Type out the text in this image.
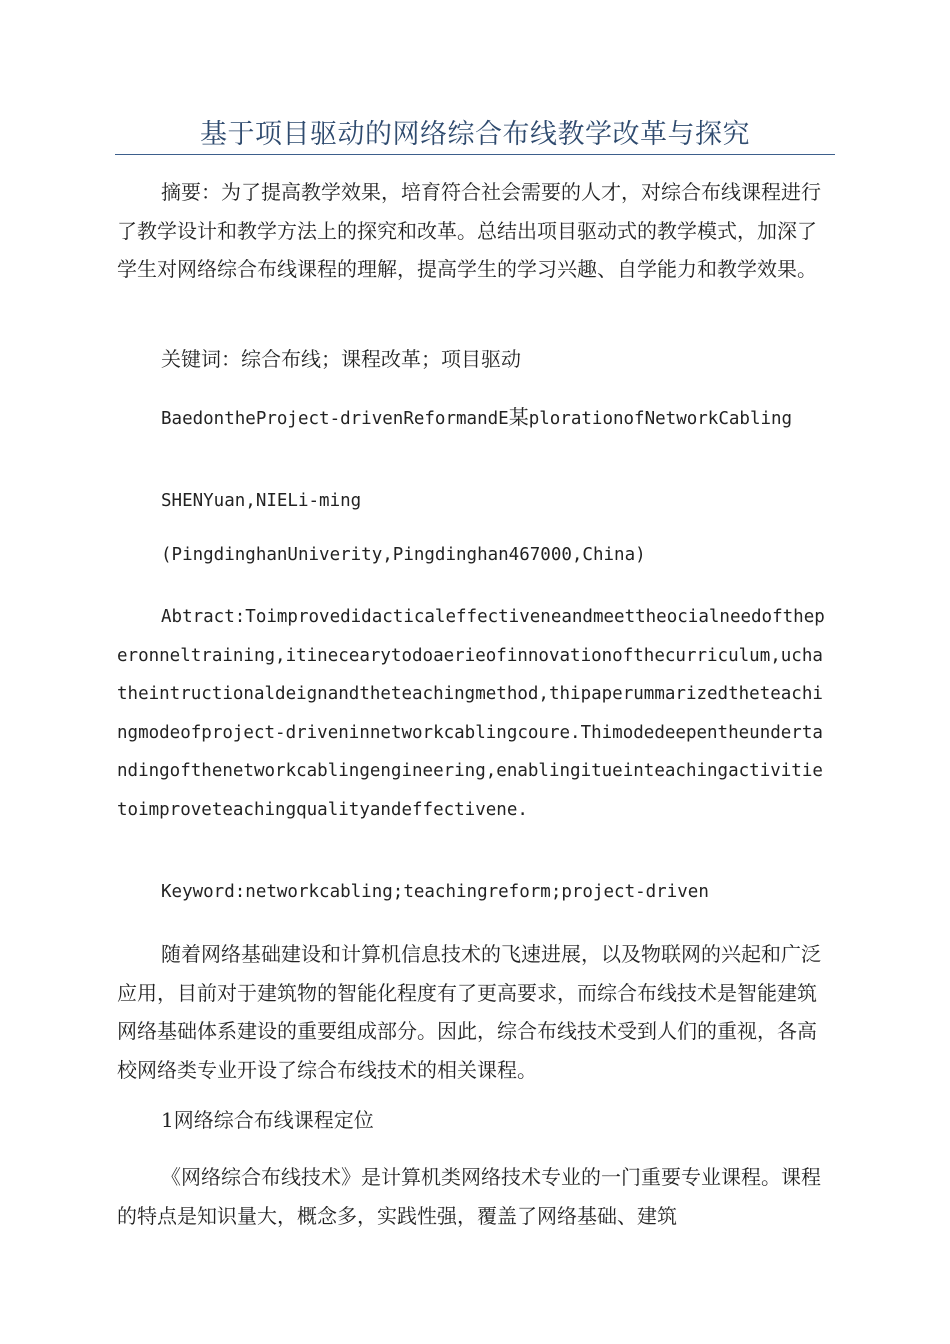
基于项目驱动的网络综合布线教学改革与探究

摘要：为了提高教学效果，培育符合社会需要的人才，对综合布线课程进行了教学设计和教学方法上的探究和改革。总结出项目驱动式的教学模式，加深了学生对网络综合布线课程的理解，提高学生的学习兴趣、自学能力和教学效果。

关键词：综合布线；课程改革；项目驱动

BaedontheProject-drivenReformandE某plorationofNetworkCabling

SHENYuan,NIELi-ming

(PingdinghanUniverity,Pingdinghan467000,China)

Abtract:Toimprovedidacticaleffectiveneandmeettheocialneedoftheperonneltraining,itinecearytodoaerieofinnovationofthecurriculum,uchatheintructionaldeignandtheteachingmethod,thipaperummarizedtheteachingmodeofproject-driveninnetworkcablingcoure.Thimodedeepentheundertandingofthenetworkcablingengineering,enablingitueinteachingactivitietoimproveteachingqualityandeffectivene.

Keyword:networkcabling;teachingreform;project-driven

随着网络基础建设和计算机信息技术的飞速进展，以及物联网的兴起和广泛应用，目前对于建筑物的智能化程度有了更高要求，而综合布线技术是智能建筑网络基础体系建设的重要组成部分。因此，综合布线技术受到人们的重视，各高校网络类专业开设了综合布线技术的相关课程。

1网络综合布线课程定位

《网络综合布线技术》是计算机类网络技术专业的一门重要专业课程。课程的特点是知识量大，概念多，实践性强，覆盖了网络基础、建筑
